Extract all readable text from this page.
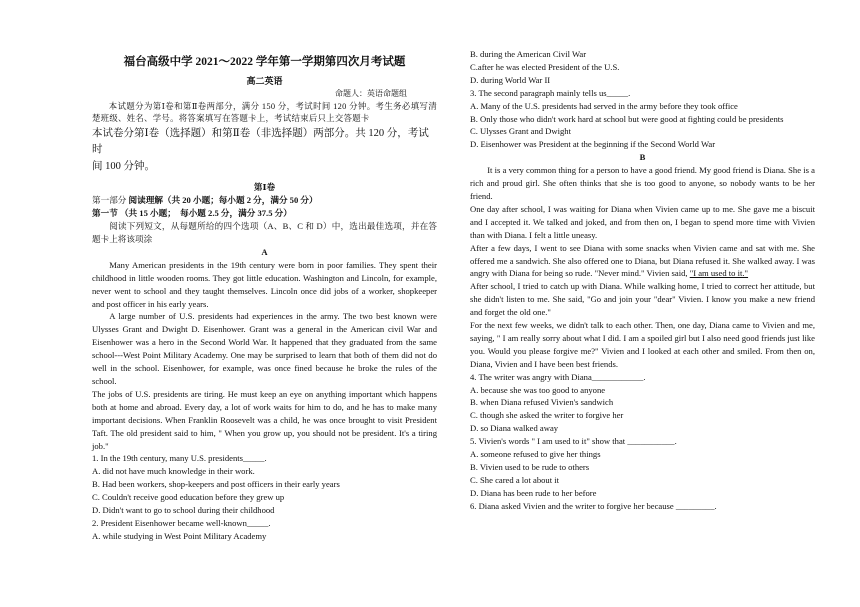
福台高级中学 2021～2022 学年第一学期第四次月考试题
高二英语
命题人：英语命题组

本试题分为第Ⅰ卷和第Ⅱ卷两部分，满分 150 分，考试时间 120 分钟。考生务必填写清楚班级、姓名、学号。将答案填写在答题卡上，考试结束后只上交答题卡

本试卷分第Ⅰ卷（选择题）和第Ⅱ卷（非选择题）两部分。共 120 分，考试时
间 100 分钟。
第Ⅰ卷
第一部分 阅读理解（共 20 小题；每小题 2 分，满分 50 分）
第一节 （共 15 小题；　每小题 2.5 分，满分 37.5 分）

阅读下列短文，从每题所给的四个选项（A、B、C 和 D）中，选出最佳选项，并在答题卡上将该项涂

A

Many American presidents in the 19th century were born in poor families. They spent their childhood in little wooden rooms. They got little education. Washington and Lincoln, for example, never went to school and they taught themselves. Lincoln once did jobs of a worker, shopkeeper and post officer in his early years.

A large number of U.S. presidents had experiences in the army. The two best known were Ulysses Grant and Dwight D. Eisenhower. Grant was a general in the American civil War and Eisenhower was a hero in the Second World War. It happened that they graduated from the same school---West Point Military Academy. One may be surprised to learn that both of them did not do well in the school. Eisenhower, for example, was once fined because he broke the rules of the school.

The jobs of U.S. presidents are tiring. He must keep an eye on anything important which happens both at home and abroad. Every day, a lot of work waits for him to do, and he has to make many important decisions. When Franklin Roosevelt was a child, he was once brought to visit President Taft. The old president said to him, " When you grow up, you should not be president. It's a tiring job."

1. In the 19th century, many U.S. presidents_____.
A. did not have much knowledge in their work.
B. Had been workers, shop-keepers and post officers in their early years
C. Couldn't receive good education before they grew up
D. Didn't want to go to school during their childhood
2. President Eisenhower became well-known_____.
A. while studying in West Point Military Academy
B. during the American Civil War
C.after he was elected President of the U.S.
D. during World War II
3. The second paragraph mainly tells us_____.
A. Many of the U.S. presidents had served in the army before they took office
B. Only those who didn't work hard at school but were good at fighting could be presidents
C. Ulysses Grant and Dwight
D. Eisenhower was President at the beginning if the Second World War
B

It is a very common thing for a person to have a good friend. My good friend is Diana. She is a rich and proud girl. She often thinks that she is too good to anyone, so nobody wants to be her friend.

One day after school, I was waiting for Diana when Vivien came up to me. She gave me a biscuit and I accepted it. We talked and joked, and from then on, I began to spend more time with Vivien than with Diana. I felt a little uneasy.

After a few days, I went to see Diana with some snacks when Vivien came and sat with me. She offered me a sandwich. She also offered one to Diana, but Diana refused it. She walked away. I was angry with Diana for being so rude. "Never mind." Vivien said, "I am used to it."

After school, I tried to catch up with Diana. While walking home, I tried to correct her attitude, but she didn't listen to me. She said, "Go and join your "dear" Vivien. I know you make a new friend and forget the old one."

For the next few weeks, we didn't talk to each other. Then, one day, Diana came to Vivien and me, saying, " I am really sorry about what I did. I am a spoiled girl but I also need good friends just like you. Would you please forgive me?" Vivien and I looked at each other and smiled. From then on, Diana, Vivien and I have been best friends.

4. The writer was angry with Diana____________.
A. because she was too good to anyone
B. when Diana refused Vivien's sandwich
C. though she asked the writer to forgive her
D. so Diana walked away
5. Vivien's words " I am used to it" show that ___________.
A. someone refused to give her things
B. Vivien used to be rude to others
C. She cared a lot about it
D. Diana has been rude to her before
6. Diana asked Vivien and the writer to forgive her because _________.
